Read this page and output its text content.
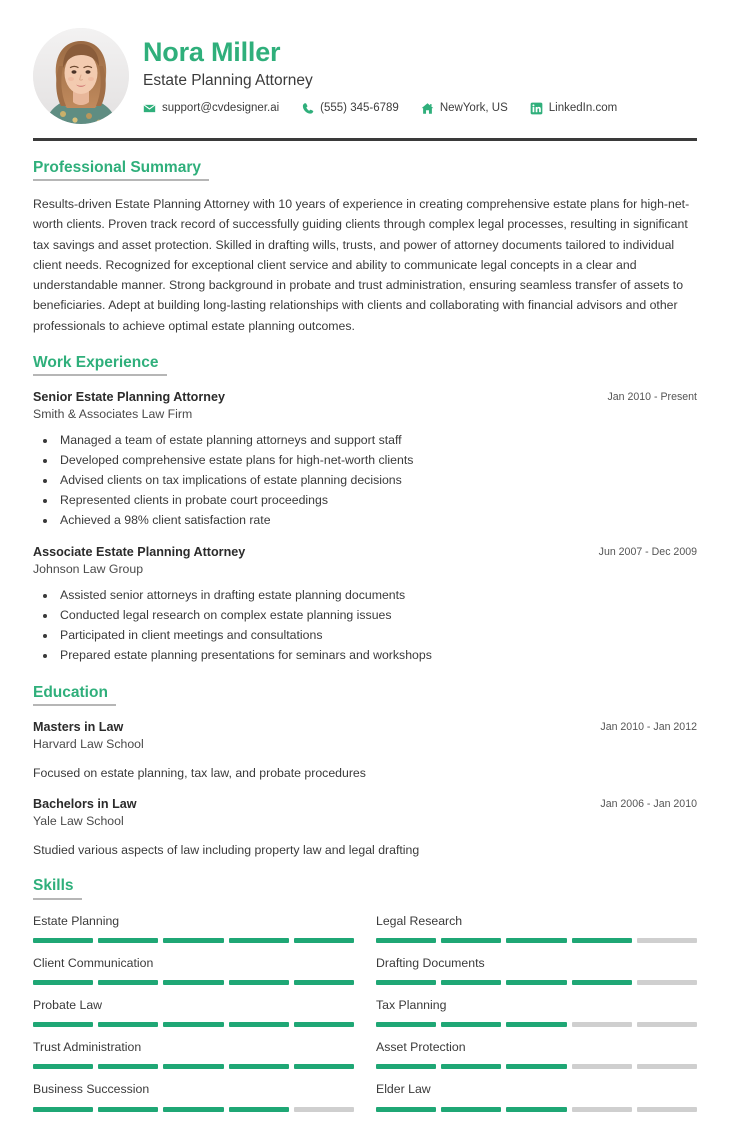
Nora Miller
Estate Planning Attorney
support@cvdesigner.ai	(555) 345-6789	NewYork, US	LinkedIn.com
Professional Summary
Results-driven Estate Planning Attorney with 10 years of experience in creating comprehensive estate plans for high-net-worth clients. Proven track record of successfully guiding clients through complex legal processes, resulting in significant tax savings and asset protection. Skilled in drafting wills, trusts, and power of attorney documents tailored to individual client needs. Recognized for exceptional client service and ability to communicate legal concepts in a clear and understandable manner. Strong background in probate and trust administration, ensuring seamless transfer of assets to beneficiaries. Adept at building long-lasting relationships with clients and collaborating with financial advisors and other professionals to achieve optimal estate planning outcomes.
Work Experience
Senior Estate Planning Attorney
Smith & Associates Law Firm
Jan 2010 - Present
• Managed a team of estate planning attorneys and support staff
• Developed comprehensive estate plans for high-net-worth clients
• Advised clients on tax implications of estate planning decisions
• Represented clients in probate court proceedings
• Achieved a 98% client satisfaction rate
Associate Estate Planning Attorney
Johnson Law Group
Jun 2007 - Dec 2009
• Assisted senior attorneys in drafting estate planning documents
• Conducted legal research on complex estate planning issues
• Participated in client meetings and consultations
• Prepared estate planning presentations for seminars and workshops
Education
Masters in Law
Harvard Law School
Jan 2010 - Jan 2012
Focused on estate planning, tax law, and probate procedures
Bachelors in Law
Yale Law School
Jan 2006 - Jan 2010
Studied various aspects of law including property law and legal drafting
Skills
Estate Planning	Legal Research
Client Communication	Drafting Documents
Probate Law	Tax Planning
Trust Administration	Asset Protection
Business Succession	Elder Law
